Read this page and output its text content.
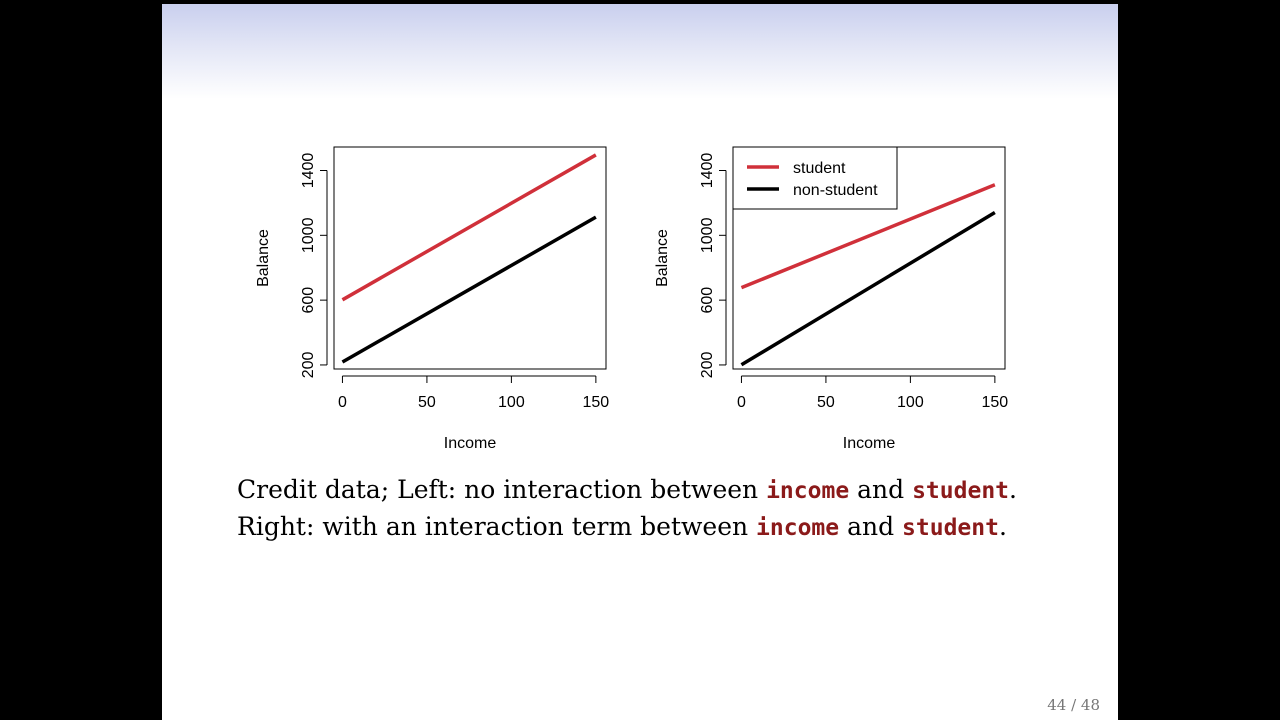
0	50	100	150
200
600
1000
1400
Income
Balance
0	50	100	150
200
600
1000
1400
Income
Balance
student
non-student
Credit data; Left: no interaction between income and student.
Right: with an interaction term between income and student.
44 / 48
